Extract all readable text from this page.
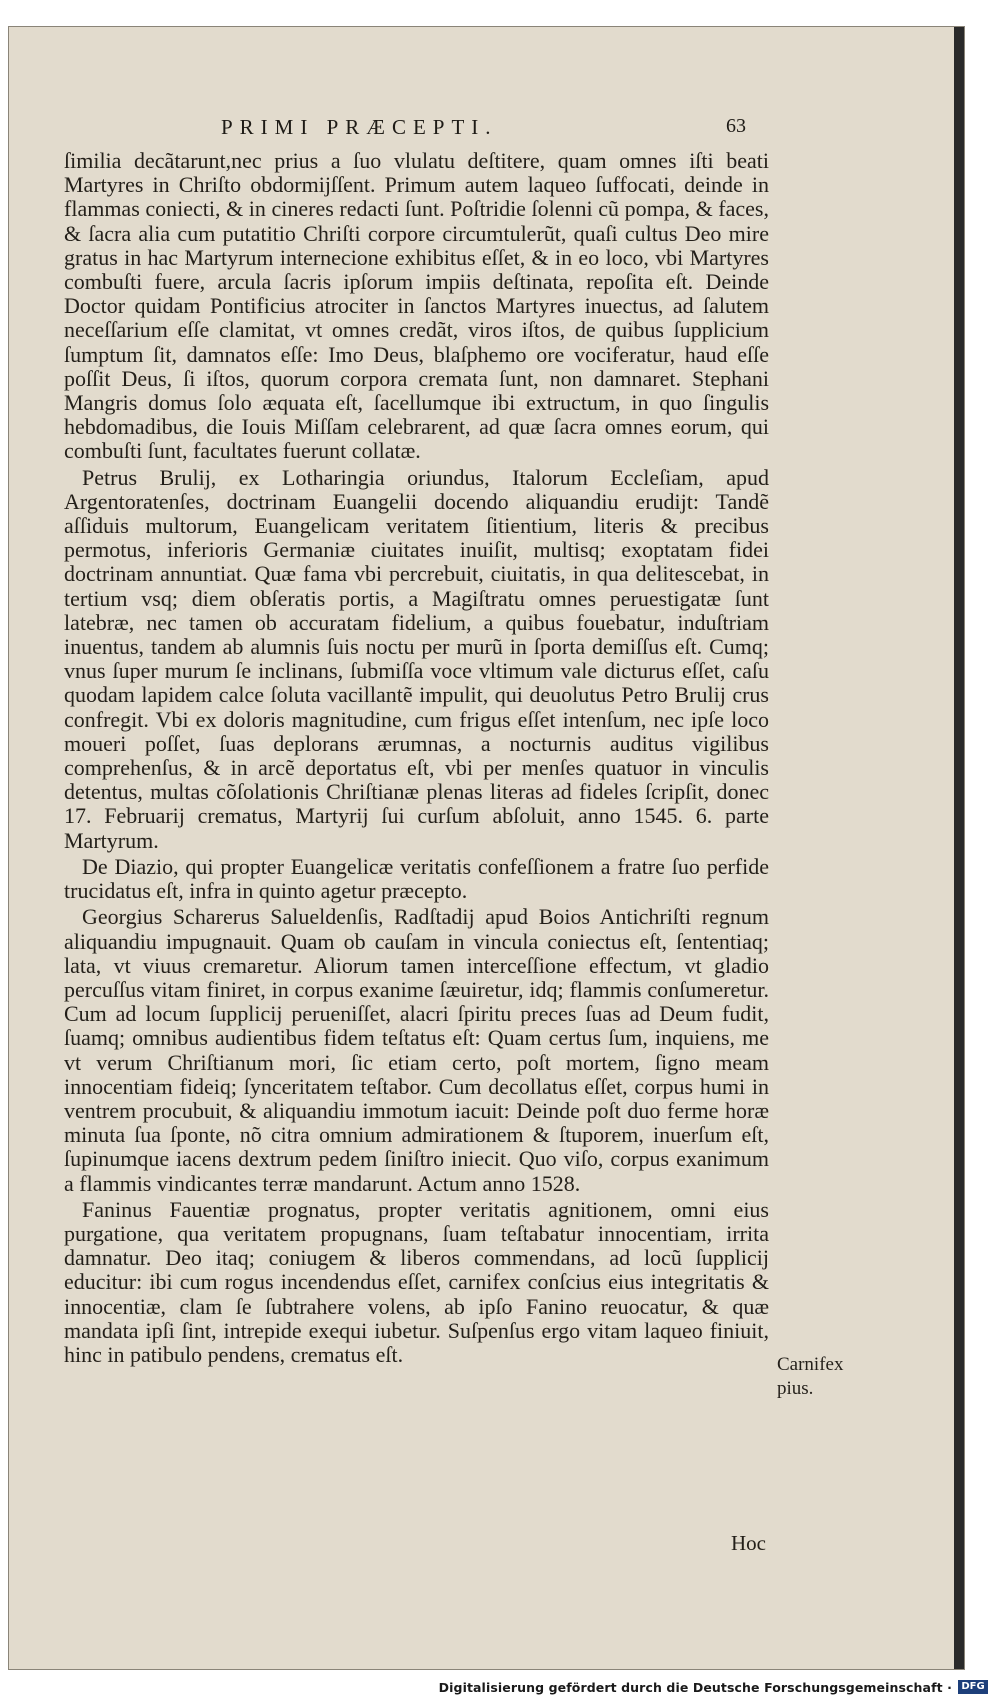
PRIMI PRÆCEPTI.	63

ſimilia decãtarunt,nec prius a ſuo vlulatu deſtitere, quam omnes iſti beati Martyres in Chriſto obdormijſſent. Primum autem laqueo ſuffocati, deinde in flammas coniecti, & in cineres redacti ſunt. Poſtridie ſolenni cũ pompa, & faces, & ſacra alia cum putatitio Chriſti corpore circumtulerũt, quaſi cultus Deo mire gratus in hac Martyrum internecione exhibitus eſſet, & in eo loco, vbi Martyres combuſti fuere, arcula ſacris ipſorum impiis deſtinata, repoſita eſt. Deinde Doctor quidam Pontificius atrociter in ſanctos Martyres inuectus, ad ſalutem neceſſarium eſſe clamitat, vt omnes credãt, viros iſtos, de quibus ſupplicium ſumptum ſit, damnatos eſſe: Imo Deus, blaſphemo ore vociferatur, haud eſſe poſſit Deus, ſi iſtos, quorum corpora cremata ſunt, non damnaret. Stephani Mangris domus ſolo æquata eſt, ſacellumque ibi extructum, in quo ſingulis hebdomadibus, die Iouis Miſſam celebrarent, ad quæ ſacra omnes eorum, qui combuſti ſunt, facultates fuerunt collatæ.

Petrus Brulij, ex Lotharingia oriundus, Italorum Eccleſiam, apud Argentoratenſes, doctrinam Euangelii docendo aliquandiu erudijt: Tandẽ aſſiduis multorum, Euangelicam veritatem ſitientium, literis & precibus permotus, inferioris Germaniæ ciuitates inuiſit, multisq; exoptatam fidei doctrinam annuntiat. Quæ fama vbi percrebuit, ciuitatis, in qua delitescebat, in tertium vsq; diem obſeratis portis, a Magiſtratu omnes peruestigatæ ſunt latebræ, nec tamen ob accuratam fidelium, a quibus fouebatur, induſtriam inuentus, tandem ab alumnis ſuis noctu per murũ in ſporta demiſſus eſt. Cumq; vnus ſuper murum ſe inclinans, ſubmiſſa voce vltimum vale dicturus eſſet, caſu quodam lapidem calce ſoluta vacillantẽ impulit, qui deuolutus Petro Brulij crus confregit. Vbi ex doloris magnitudine, cum frigus eſſet intenſum, nec ipſe loco moueri poſſet, ſuas deplorans ærumnas, a nocturnis auditus vigilibus comprehenſus, & in arcẽ deportatus eſt, vbi per menſes quatuor in vinculis detentus, multas cõſolationis Chriſtianæ plenas literas ad fideles ſcripſit, donec 17. Februarij crematus, Martyrij ſui curſum abſoluit, anno 1545. 6. parte Martyrum.

De Diazio, qui propter Euangelicæ veritatis confeſſionem a fratre ſuo perfide trucidatus eſt, infra in quinto agetur præcepto.

Georgius Scharerus Salueldenſis, Radſtadij apud Boios Antichriſti regnum aliquandiu impugnauit. Quam ob cauſam in vincula coniectus eſt, ſententiaq; lata, vt viuus cremaretur. Aliorum tamen interceſſione effectum, vt gladio percuſſus vitam finiret, in corpus exanime ſæuiretur, idq; flammis conſumeretur. Cum ad locum ſupplicij perueniſſet, alacri ſpiritu preces ſuas ad Deum fudit, ſuamq; omnibus audientibus fidem teſtatus eſt: Quam certus ſum, inquiens, me vt verum Chriſtianum mori, ſic etiam certo, poſt mortem, ſigno meam innocentiam fideiq; ſynceritatem teſtabor. Cum decollatus eſſet, corpus humi in ventrem procubuit, & aliquandiu immotum iacuit: Deinde poſt duo ferme horæ minuta ſua ſponte, nõ citra omnium admirationem & ſtuporem, inuerſum eſt, ſupinumque iacens dextrum pedem ſiniſtro iniecit. Quo viſo, corpus exanimum a flammis vindicantes terræ mandarunt. Actum anno 1528.

Faninus Fauentiæ prognatus, propter veritatis agnitionem, omni eius purgatione, qua veritatem propugnans, ſuam teſtabatur innocentiam, irrita damnatur. Deo itaq; coniugem & liberos commendans, ad locũ ſupplicij educitur: ibi cum rogus incendendus eſſet, carnifex conſcius eius integritatis & innocentiæ, clam ſe ſubtrahere volens, ab ipſo Fanino reuocatur, & quæ mandata ipſi ſint, intrepide exequi iubetur. Suſpenſus ergo vitam laqueo finiuit, hinc in patibulo pendens, crematus eſt.	Carnifex
pius.
Hoc
Digitalisierung gefördert durch die Deutsche Forschungsgemeinschaft · DFG
